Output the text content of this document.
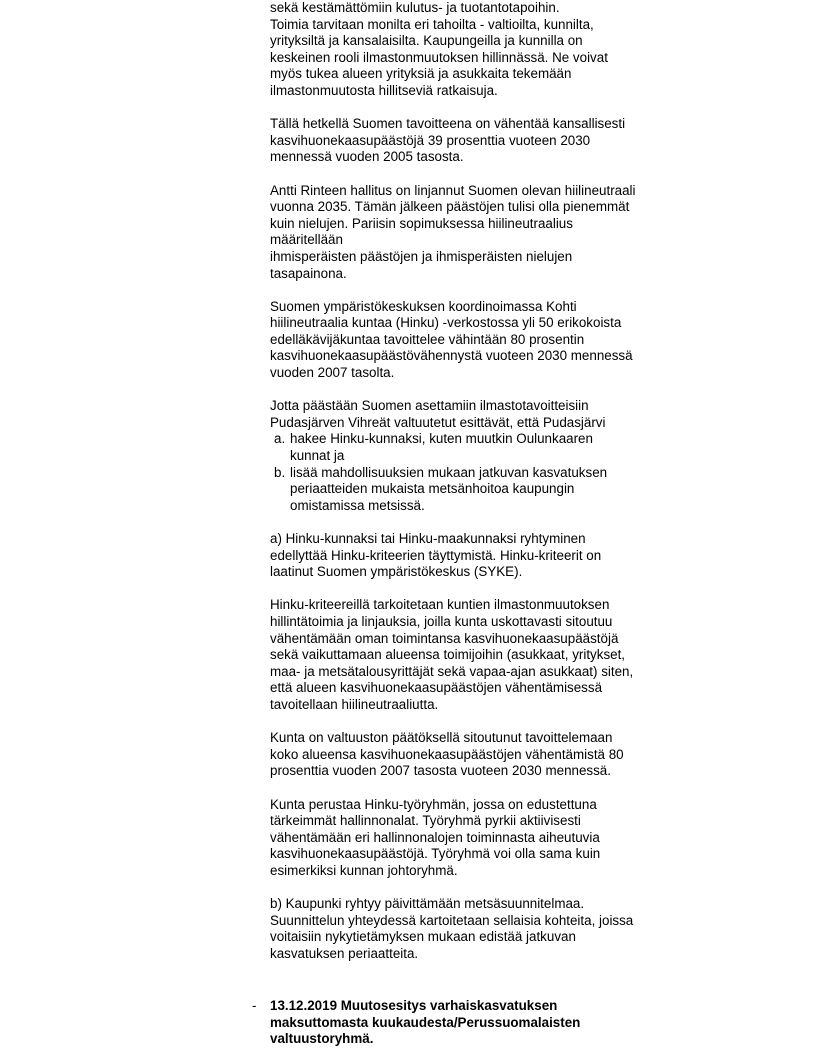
sekä kestämättömiin kulutus- ja tuotantotapoihin.
Toimia tarvitaan monilta eri tahoilta - valtioilta, kunnilta,
yrityksiltä ja kansalaisilta. Kaupungeilla ja kunnilla on
keskeinen rooli ilmastonmuutoksen hillinnässä. Ne voivat
myös tukea alueen yrityksiä ja asukkaita tekemään
ilmastonmuutosta hillitseviä ratkaisuja.

Tällä hetkellä Suomen tavoitteena on vähentää kansallisesti
kasvihuonekaasupäästöjä 39 prosenttia vuoteen 2030
mennessä vuoden 2005 tasosta.

Antti Rinteen hallitus on linjannut Suomen olevan hiilineutraali
vuonna 2035. Tämän jälkeen päästöjen tulisi olla pienemmät
kuin nielujen. Pariisin sopimuksessa hiilineutraalius
määritellään
ihmisperäisten päästöjen ja ihmisperäisten nielujen
tasapainona.

Suomen ympäristökeskuksen koordinoimassa Kohti
hiilineutraalia kuntaa (Hinku) -verkostossa yli 50 erikokoista
edelläkävijäkuntaa tavoittelee vähintään 80 prosentin
kasvihuonekaasupäästövähennystä vuoteen 2030 mennessä
vuoden 2007 tasolta.

Jotta päästään Suomen asettamiin ilmastotavoitteisiin
Pudasjärven Vihreät valtuutetut esittävät, että Pudasjärvi

a. hakee Hinku-kunnaksi, kuten muutkin Oulunkaaren
kunnat ja
b. lisää mahdollisuuksien mukaan jatkuvan kasvatuksen
periaatteiden mukaista metsänhoitoa kaupungin
omistamissa metsissä.

a) Hinku-kunnaksi tai Hinku-maakunnaksi ryhtyminen
edellyttää Hinku-kriteerien täyttymistä. Hinku-kriteerit on
laatinut Suomen ympäristökeskus (SYKE).

Hinku-kriteereillä tarkoitetaan kuntien ilmastonmuutoksen
hillintätoimia ja linjauksia, joilla kunta uskottavasti sitoutuu
vähentämään oman toimintansa kasvihuonekaasupäästöjä
sekä vaikuttamaan alueensa toimijoihin (asukkaat, yritykset,
maa- ja metsätalousyrittäjät sekä vapaa-ajan asukkaat) siten,
että alueen kasvihuonekaasupäästöjen vähentämisessä
tavoitellaan hiilineutraaliutta.

Kunta on valtuuston päätöksellä sitoutunut tavoittelemaan
koko alueensa kasvihuonekaasupäästöjen vähentämistä 80
prosenttia vuoden 2007 tasosta vuoteen 2030 mennessä.

Kunta perustaa Hinku-työryhmän, jossa on edustettuna
tärkeimmät hallinnonalat. Työryhmä pyrkii aktiivisesti
vähentämään eri hallinnonalojen toiminnasta aiheutuvia
kasvihuonekaasupäästöjä. Työryhmä voi olla sama kuin
esimerkiksi kunnan johtoryhmä.

b) Kaupunki ryhtyy päivittämään metsäsuunnitelmaa.
Suunnittelun yhteydessä kartoitetaan sellaisia kohteita, joissa
voitaisiin nykytietämyksen mukaan edistää jatkuvan
kasvatuksen periaatteita.

- 13.12.2019 Muutosesitys varhaiskasvatuksen
maksuttomasta kuukaudesta/Perussuomalaisten
valtuustoryhmä.
